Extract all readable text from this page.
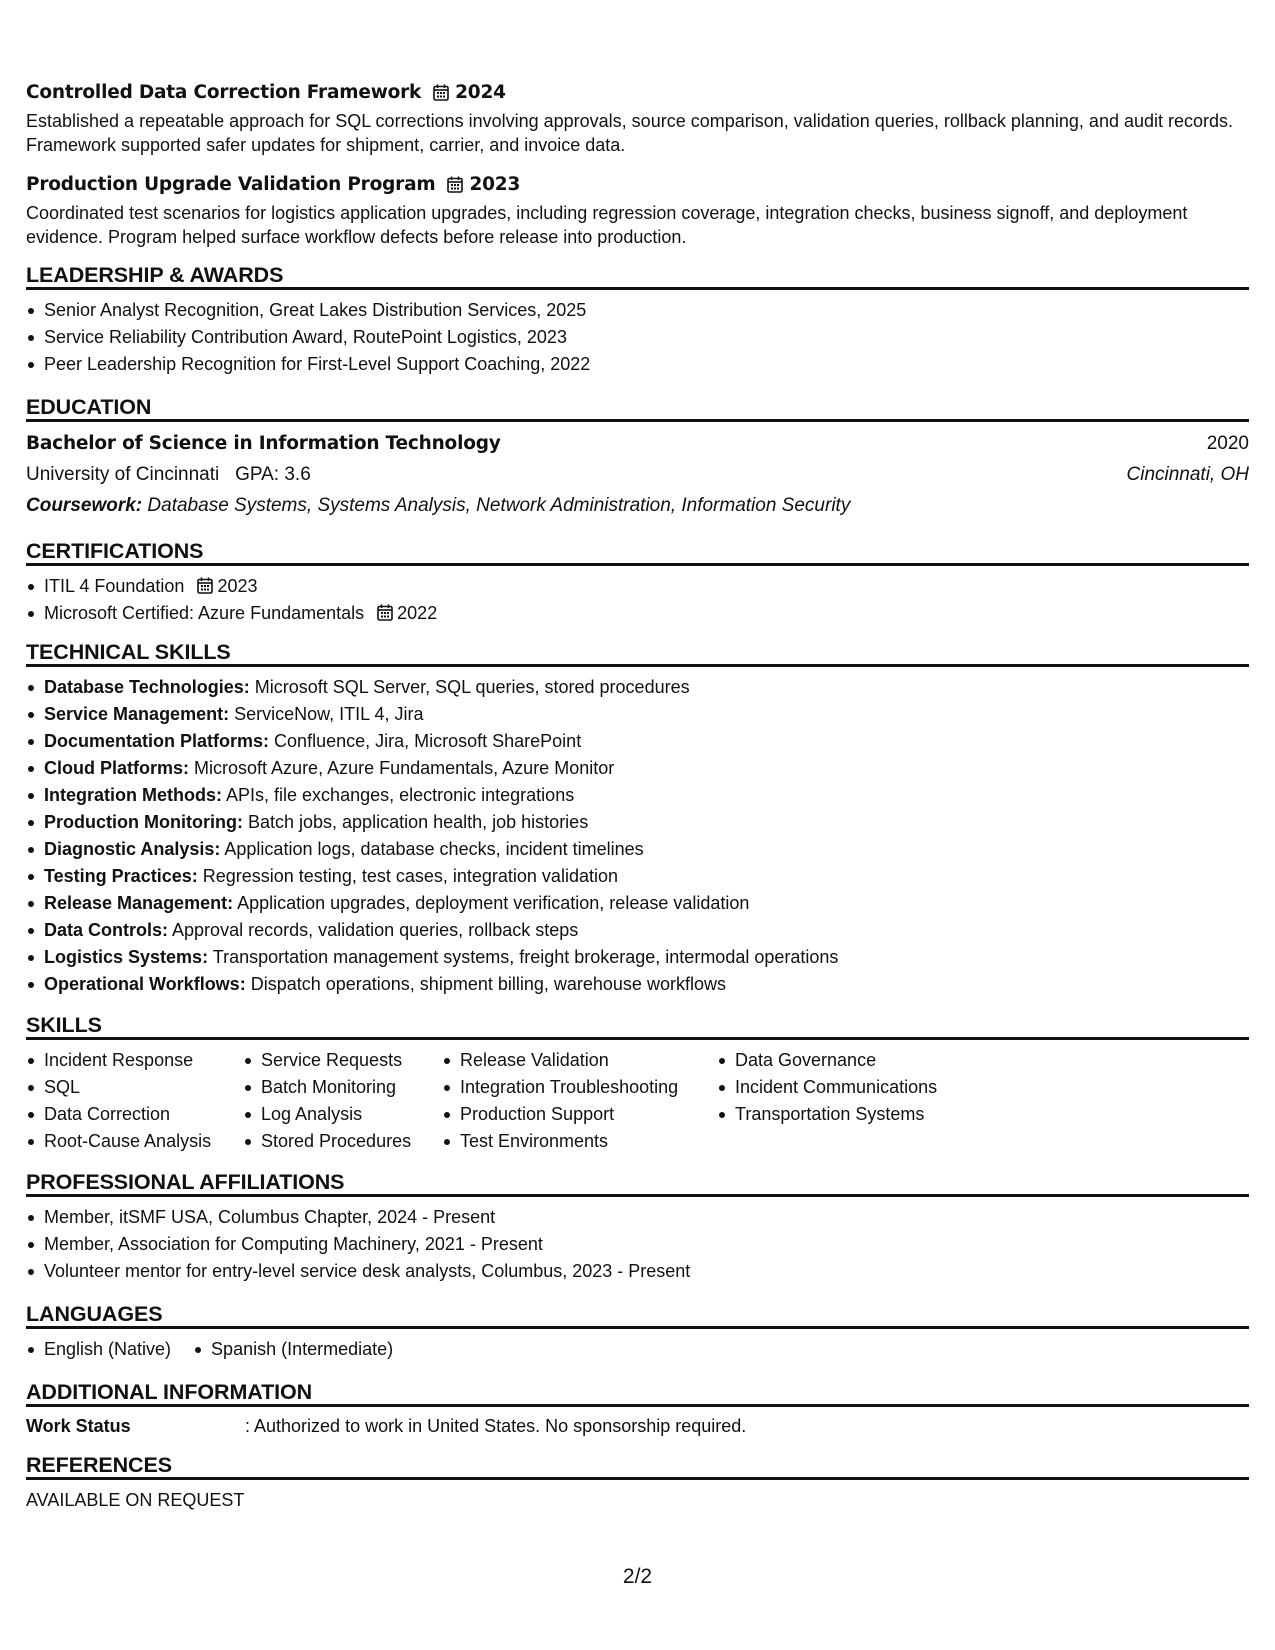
Controlled Data Correction Framework 2024
Established a repeatable approach for SQL corrections involving approvals, source comparison, validation queries, rollback planning, and audit records. Framework supported safer updates for shipment, carrier, and invoice data.
Production Upgrade Validation Program 2023
Coordinated test scenarios for logistics application upgrades, including regression coverage, integration checks, business signoff, and deployment evidence. Program helped surface workflow defects before release into production.
LEADERSHIP & AWARDS
Senior Analyst Recognition, Great Lakes Distribution Services, 2025
Service Reliability Contribution Award, RoutePoint Logistics, 2023
Peer Leadership Recognition for First-Level Support Coaching, 2022
EDUCATION
Bachelor of Science in Information Technology	2020
University of Cincinnati GPA: 3.6	Cincinnati, OH
Coursework: Database Systems, Systems Analysis, Network Administration, Information Security
CERTIFICATIONS
ITIL 4 Foundation 2023
Microsoft Certified: Azure Fundamentals 2022
TECHNICAL SKILLS
Database Technologies: Microsoft SQL Server, SQL queries, stored procedures
Service Management: ServiceNow, ITIL 4, Jira
Documentation Platforms: Confluence, Jira, Microsoft SharePoint
Cloud Platforms: Microsoft Azure, Azure Fundamentals, Azure Monitor
Integration Methods: APIs, file exchanges, electronic integrations
Production Monitoring: Batch jobs, application health, job histories
Diagnostic Analysis: Application logs, database checks, incident timelines
Testing Practices: Regression testing, test cases, integration validation
Release Management: Application upgrades, deployment verification, release validation
Data Controls: Approval records, validation queries, rollback steps
Logistics Systems: Transportation management systems, freight brokerage, intermodal operations
Operational Workflows: Dispatch operations, shipment billing, warehouse workflows
SKILLS
Incident Response
SQL
Data Correction
Root-Cause Analysis
Service Requests
Batch Monitoring
Log Analysis
Stored Procedures
Release Validation
Integration Troubleshooting
Production Support
Test Environments
Data Governance
Incident Communications
Transportation Systems
PROFESSIONAL AFFILIATIONS
Member, itSMF USA, Columbus Chapter, 2024 - Present
Member, Association for Computing Machinery, 2021 - Present
Volunteer mentor for entry-level service desk analysts, Columbus, 2023 - Present
LANGUAGES
English (Native)	Spanish (Intermediate)
ADDITIONAL INFORMATION
Work Status	: Authorized to work in United States. No sponsorship required.
REFERENCES
AVAILABLE ON REQUEST
2/2
